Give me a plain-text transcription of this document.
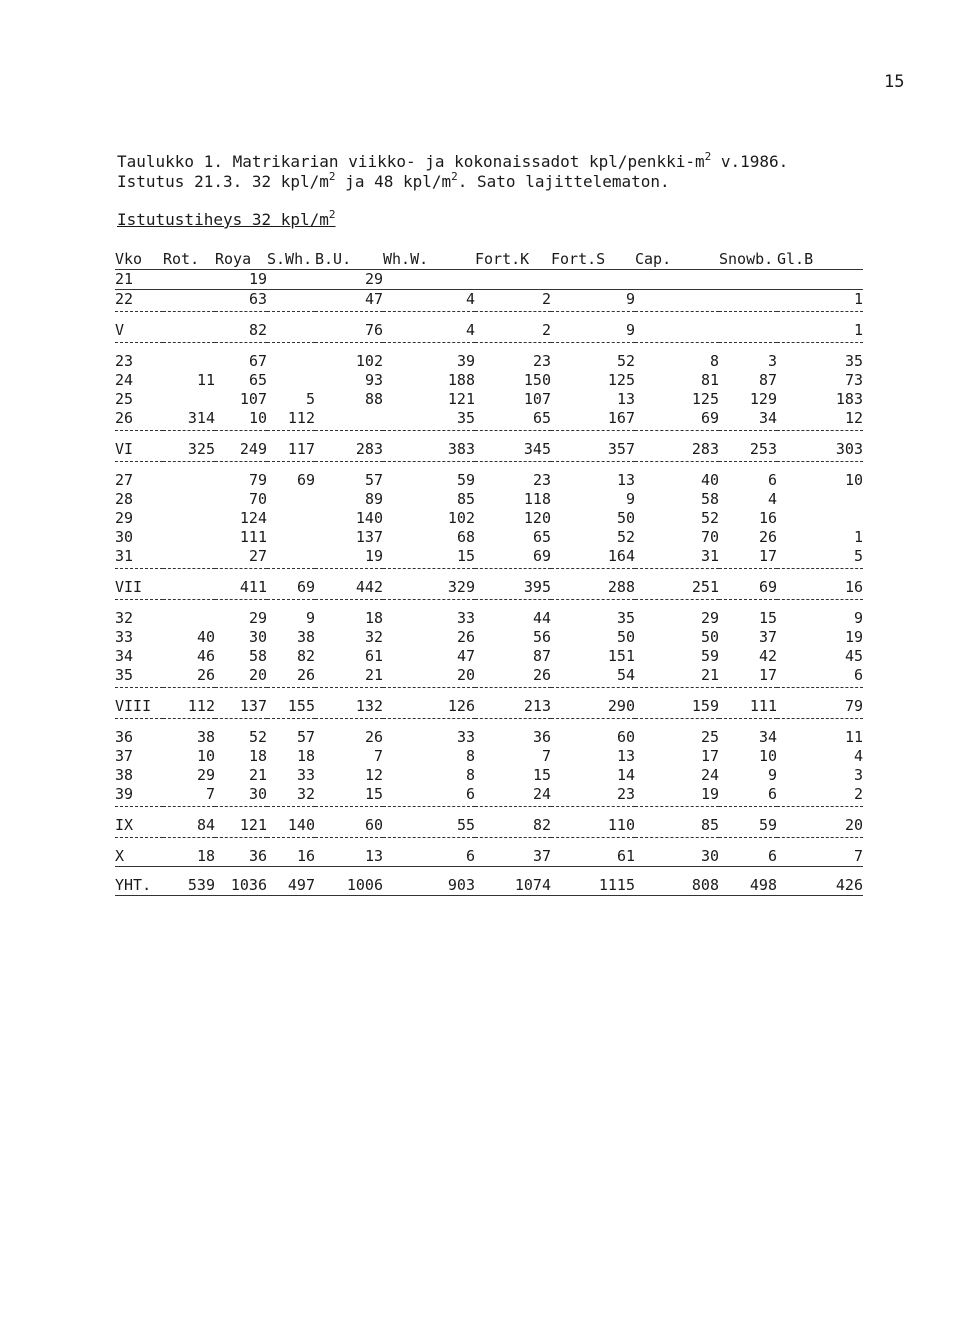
15
Taulukko 1. Matrikarian viikko- ja kokonaissadot kpl/$penkki-m^2$ v.1986.
Istutus 21.3. 32 kpl/$m^2$ ja 48 kpl/$m^2$. Sato lajittelematon.
Istutustiheys 32 kpl/$m^2$
Vko	Rot.	Roya	S.Wh.	B.U.	Wh.W.	Fort.K	Fort.S	Cap.	Snowb.	Gl.B
21		19		29						
22		63		47	4	2	9			1

V		82		76	4	2	9			1

23		67		102	39	23	52	8	3	35
24	11	65		93	188	150	125	81	87	73
25		107	5	88	121	107	13	125	129	183
26	314	10	112		35	65	167	69	34	12

VI	325	249	117	283	383	345	357	283	253	303

27		79	69	57	59	23	13	40	6	10
28		70		89	85	118	9	58	4	
29		124		140	102	120	50	52	16	
30		111		137	68	65	52	70	26	1
31		27		19	15	69	164	31	17	5

VII		411	69	442	329	395	288	251	69	16

32		29	9	18	33	44	35	29	15	9
33	40	30	38	32	26	56	50	50	37	19
34	46	58	82	61	47	87	151	59	42	45
35	26	20	26	21	20	26	54	21	17	6

VIII	112	137	155	132	126	213	290	159	111	79

36	38	52	57	26	33	36	60	25	34	11
37	10	18	18	7	8	7	13	17	10	4
38	29	21	33	12	8	15	14	24	9	3
39	7	30	32	15	6	24	23	19	6	2

IX	84	121	140	60	55	82	110	85	59	20

X	18	36	16	13	6	37	61	30	6	7

YHT.	539	1036	497	1006	903	1074	1115	808	498	426
